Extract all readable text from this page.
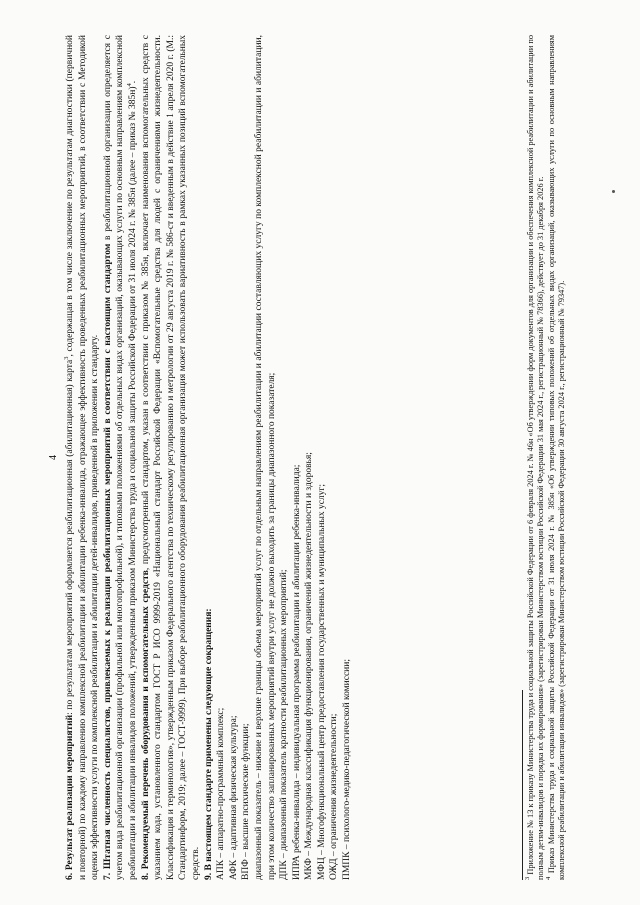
4

6. Результат реализации мероприятий: по результатам мероприятий оформляется реабилитационная (абилитационная) карта$^3$, содержащая в том числе заключение по результатам диагностики (первичной и повторной) по каждому направлению комплексной реабилитации и абилитации ребенка-инвалида, отражающее эффективность проведенных реабилитационных мероприятий, в соответствии с Методикой оценки эффективности услуги по комплексной реабилитации и абилитации детей-инвалидов, приведенной в приложении к стандарту. 7. Штатная численность специалистов, привлекаемых к реализации реабилитационных мероприятий в соответствии с настоящим стандартом в реабилитационной организации определяется с учетом вида реабилитационной организации (профильной или многопрофильной), и типовыми положениями об отдельных видах организаций, оказывающих услуги по основным направлениям комплексной реабилитации и абилитации инвалидов положений, утвержденным приказом Министерства труда и социальной защиты Российской Федерации от 31 июля 2024 г. № 385н (далее – приказ № 385н)$^4$.

8. Рекомендуемый перечень оборудования и вспомогательных средств, предусмотренный стандартом, указан в соответствии с приказом № 385н, включает наименования вспомогательных средств с указанием кода, установленного стандартом ГОСТ Р ИСО 9999-2019 «Национальный стандарт Российской Федерации «Вспомогательные средства для людей с ограничениями жизнедеятельности. Классификация и терминология», утвержденным приказом Федерального агентства по техническому регулированию и метрологии от 29 августа 2019 г. № 586-ст и введенным в действие 1 апреля 2020 г. (М.: Стандартинформ, 2019; далее – ГОСТ-9999). При выборе реабилитационного оборудования реабилитационная организация может использовать вариативность в рамках указанных позиций вспомогательных средств. 9. В настоящем стандарте применены следующие сокращения: АПК – аппаратно-программный комплекс; АФК – адаптивная физическая культура; ВПФ – высшие психические функции; диапазонный показатель – нижние и верхние границы объема мероприятий услуг по отдельным направлениям реабилитации и абилитации составляющих услугу по комплексной реабилитации и абилитации, при этом количество запланированных мероприятий внутри услуг не должно выходить за границы диапазонного показателя; ДПК – диапазонный показатель кратности реабилитационных мероприятий; ИПРА ребенка-инвалида – индивидуальная программа реабилитации и абилитации ребенка-инвалида; МКФ – Международная классификация функционирования, ограничений жизнедеятельности и здоровья; МФЦ – Многофункциональный центр предоставления государственных и муниципальных услуг; ОЖД – ограничения жизнедеятельности; ПМПК – психолого-медико-педагогической комиссии;	$^3$ Приложение № 13 к приказу Министерства труда и социальной защиты Российской Федерации от 6 февраля 2024 г. № 46н «Об утверждении форм документов для организации и обеспечения комплексной реабилитации и абилитации по полным детям-инвалидов и порядка их формирования» (зарегистрирован Министерством юстиции Российской Федерации 31 мая 2024 г., регистрационный № 78366), действует до 31 декабря 2026 г. $^4$ Приказ Министерства труда и социальной защиты Российской Федерации от 31 июля 2024 г. № 385н «Об утверждении типовых положений об отдельных видах организаций, оказывающих услуги по основным направлениям комплексной реабилитации и абилитации инвалидов» (зарегистрирован Министерством юстиции Российской Федерации 30 августа 2024 г., регистрационный № 79347).
